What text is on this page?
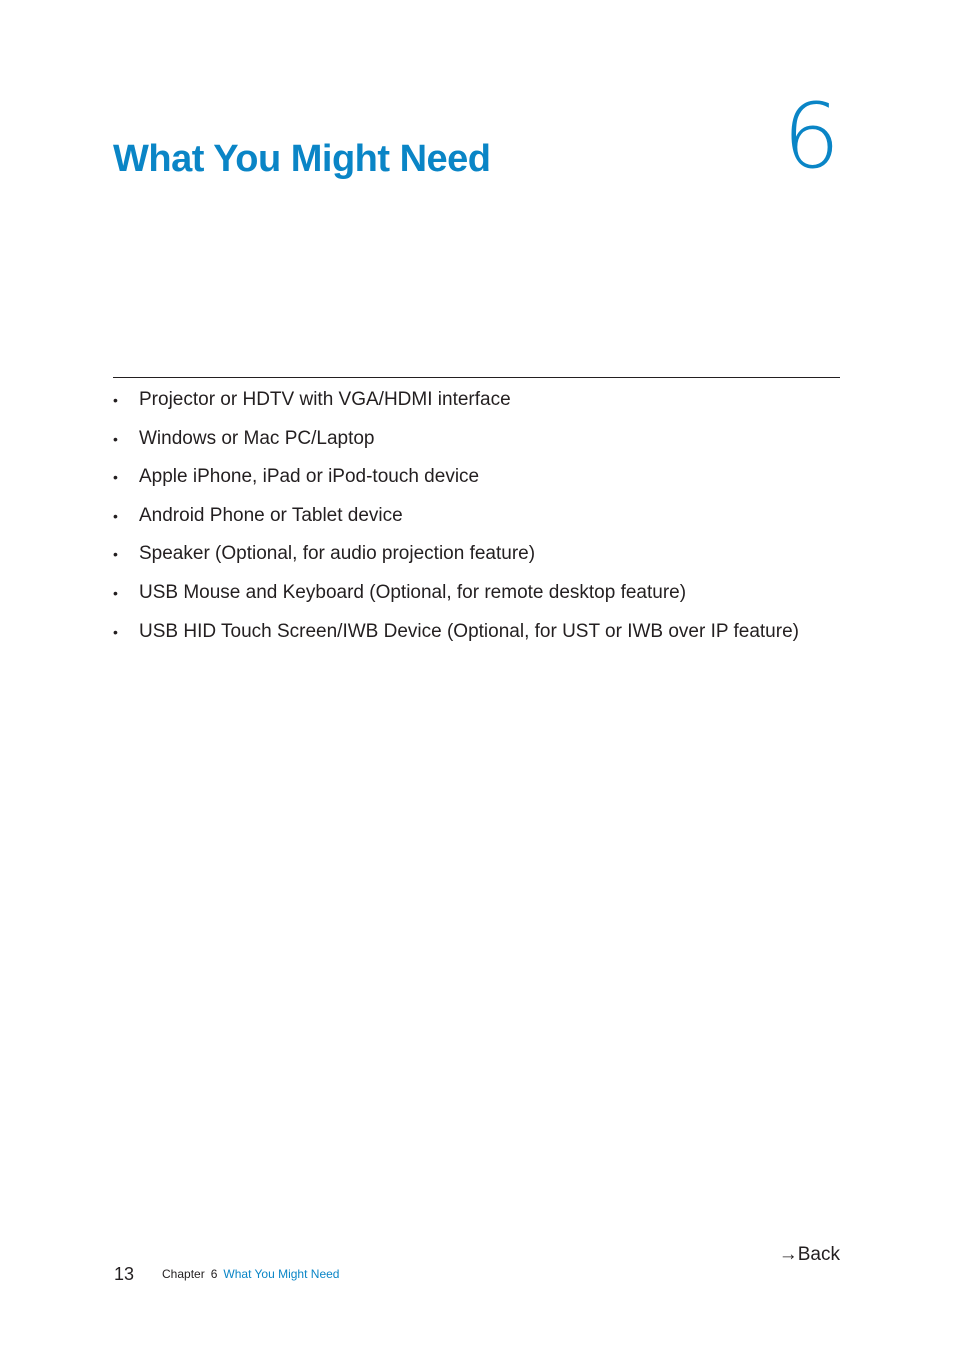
What You Might Need	6
• Projector or HDTV with VGA/HDMI interface
• Windows or Mac PC/Laptop
• Apple iPhone, iPad or iPod-touch device
• Android Phone or Tablet device
• Speaker (Optional, for audio projection feature)
• USB Mouse and Keyboard (Optional, for remote desktop feature)
• USB HID Touch Screen/IWB Device (Optional, for UST or IWB over IP feature)
→Back
13 Chapter 6 What You Might Need
